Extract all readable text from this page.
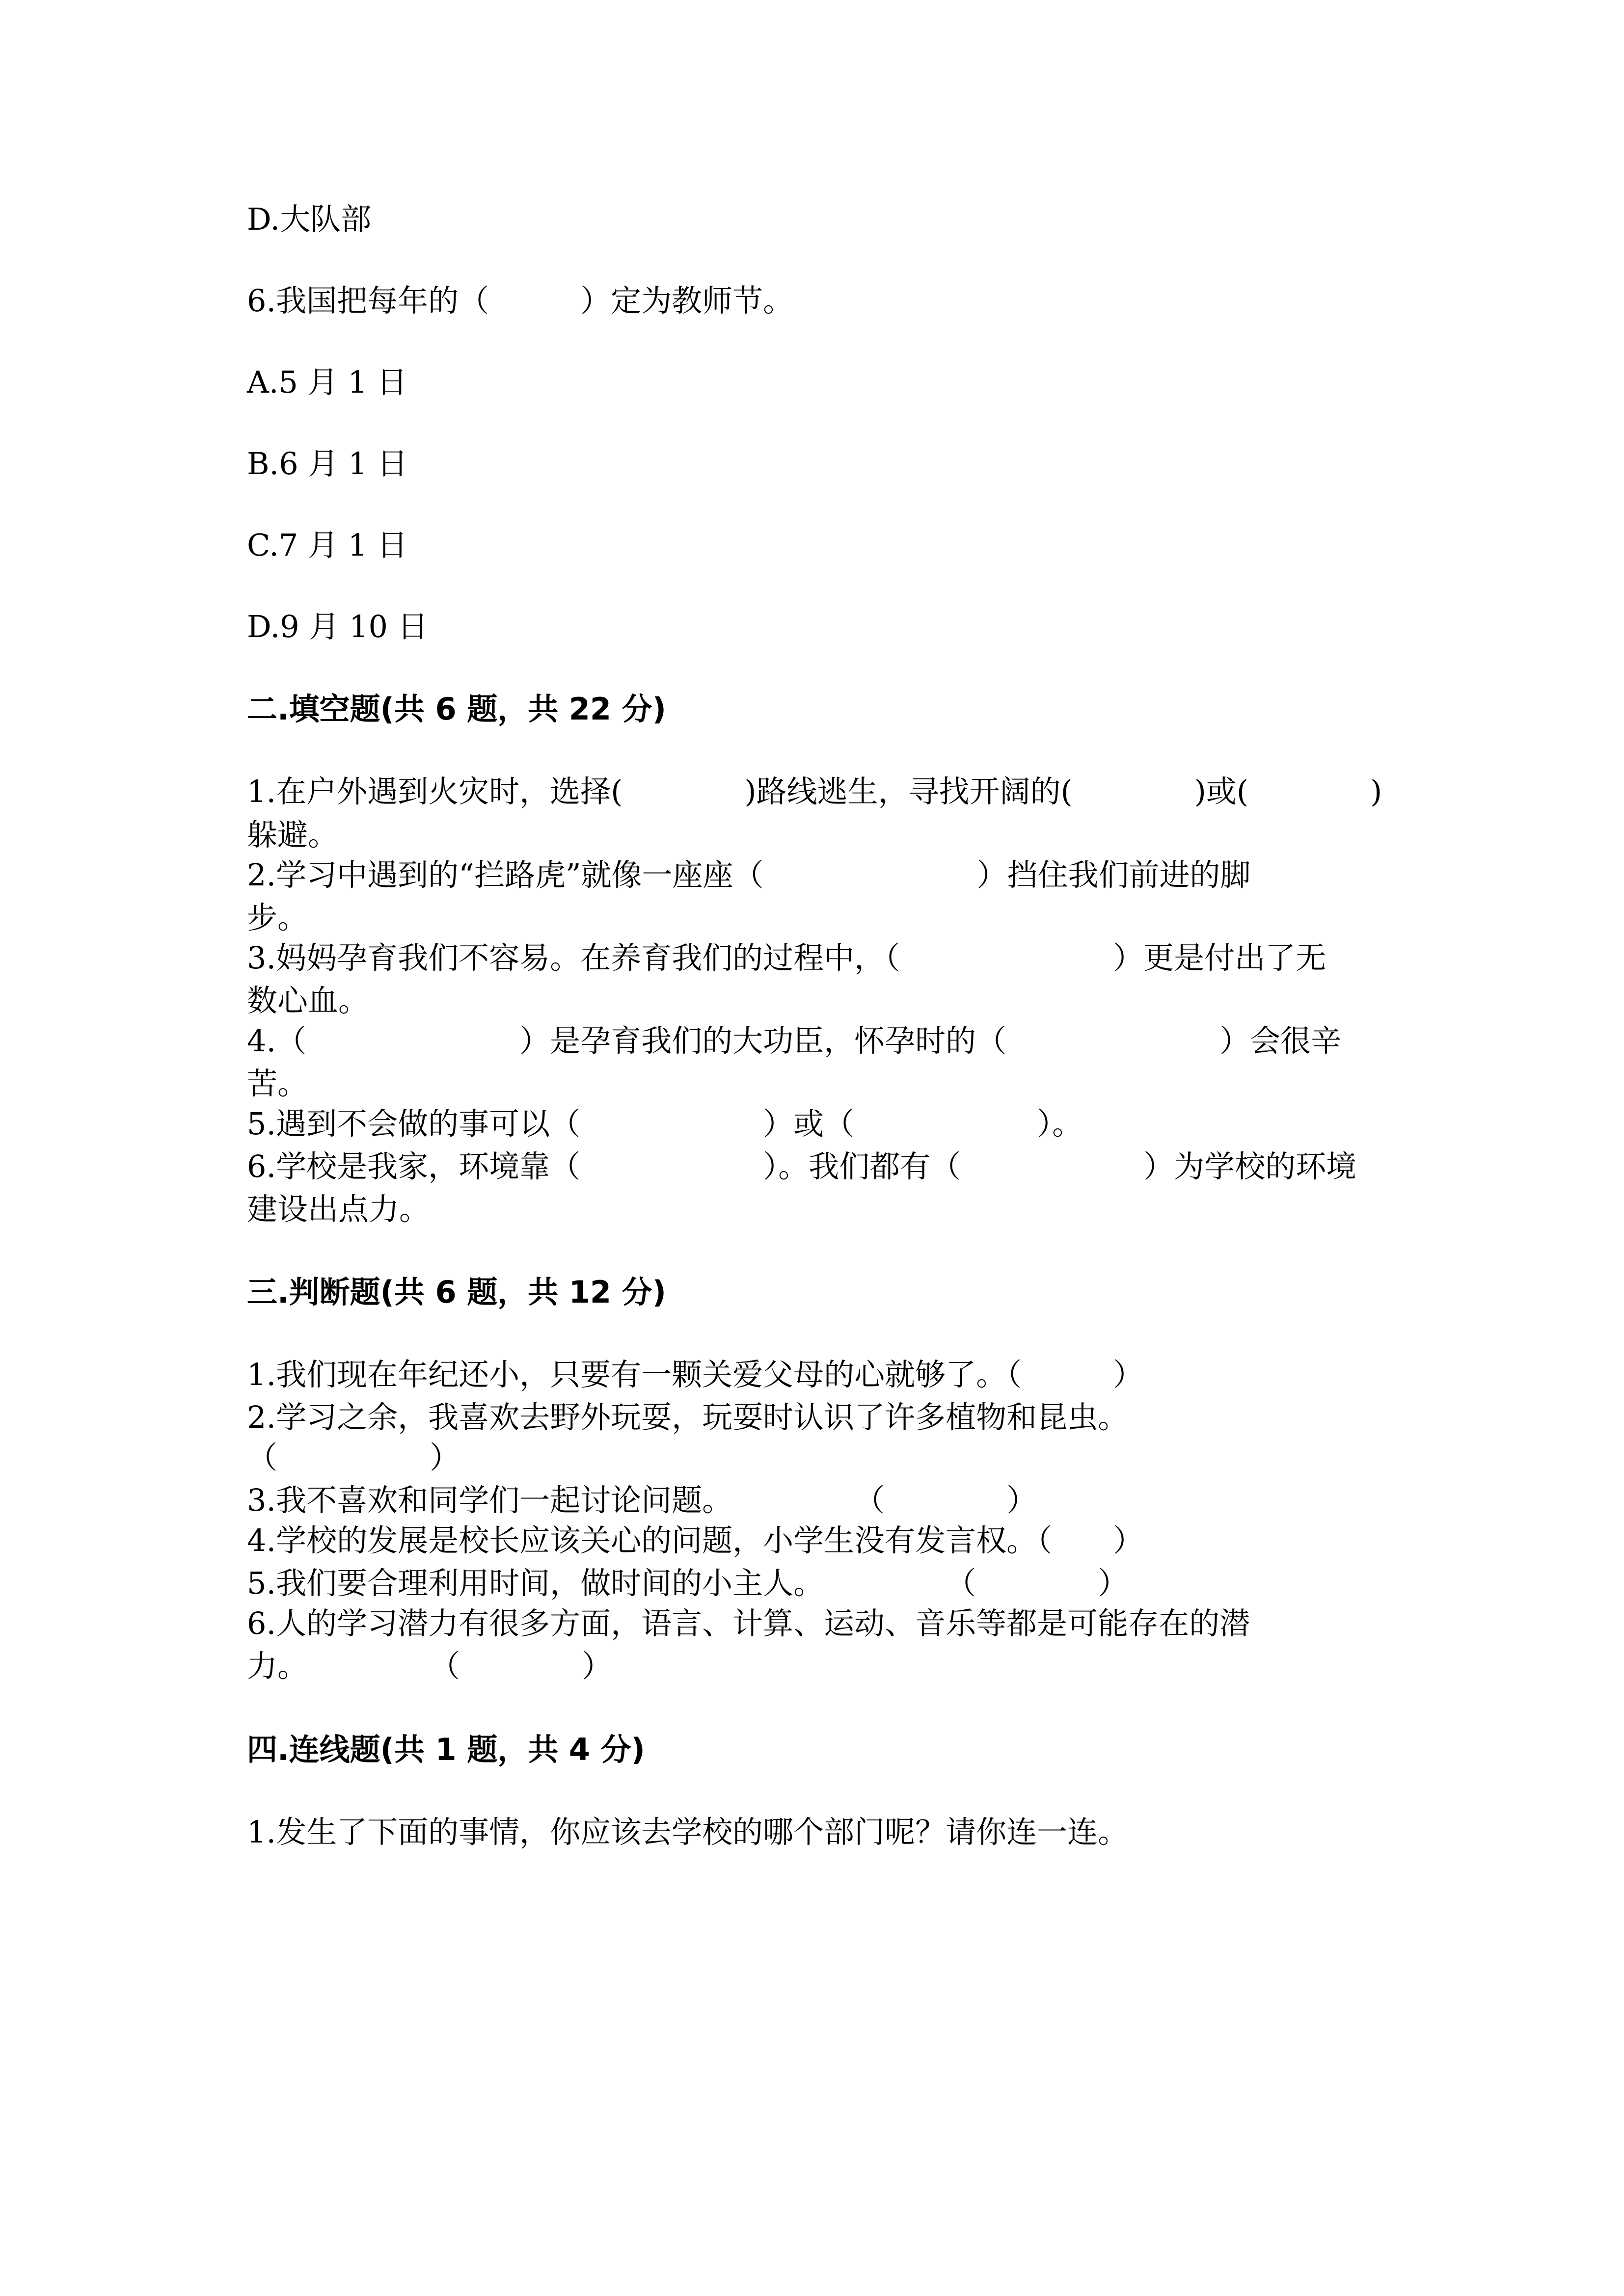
D.大队部
6.我国把每年的（　　　）定为教师节。
A.5 月 1 日
B.6 月 1 日
C.7 月 1 日
D.9 月 10 日
二.填空题(共 6 题，共 22 分)
1.在户外遇到火灾时，选择(　　　　)路线逃生，寻找开阔的(　　　　)或(　　　　)
躲避。
2.学习中遇到的“拦路虎”就像一座座（　　　　　　　）挡住我们前进的脚
步。
3.妈妈孕育我们不容易。在养育我们的过程中，（　　　　　　　）更是付出了无
数心血。
4.（　　　　　　　）是孕育我们的大功臣，怀孕时的（　　　　　　　）会很辛
苦。
5.遇到不会做的事可以（　　　　　　）或（　　　　　　）。
6.学校是我家，环境靠（　　　　　　）。我们都有（　　　　　　）为学校的环境
建设出点力。
三.判断题(共 6 题，共 12 分)
1.我们现在年纪还小，只要有一颗关爱父母的心就够了。（　　　）
2.学习之余，我喜欢去野外玩耍，玩耍时认识了许多植物和昆虫。
（　　　　　）
3.我不喜欢和同学们一起讨论问题。　　　　　（　　　　）
4.学校的发展是校长应该关心的问题，小学生没有发言权。（　　）
5.我们要合理利用时间，做时间的小主人。　　　　　（　　　　）
6.人的学习潜力有很多方面，语言、计算、运动、音乐等都是可能存在的潜
力。　　　　　（　　　　）
四.连线题(共 1 题，共 4 分)
1.发生了下面的事情，你应该去学校的哪个部门呢？请你连一连。
